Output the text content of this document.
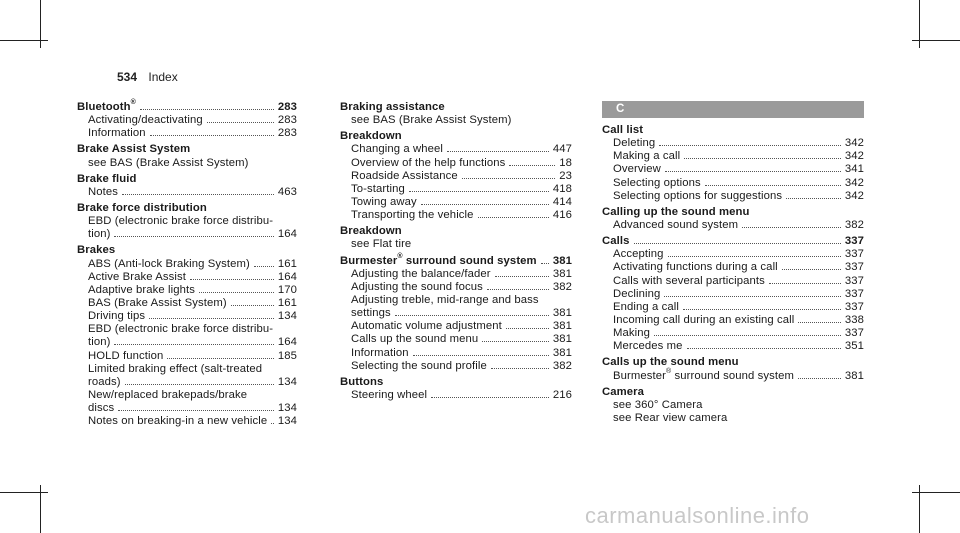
534 Index
Bluetooth®	283
Activating/deactivating	283
Information	283
Brake Assist System
see BAS (Brake Assist System)
Brake fluid
Notes	463
Brake force distribution
EBD (electronic brake force distribu-
tion)	164
Brakes
ABS (Anti-lock Braking System) 161
Active Brake Assist	164
Adaptive brake lights	170
BAS (Brake Assist System)	161
Driving tips	134
EBD (electronic brake force distribu-
tion)	164
HOLD function	185
Limited braking effect (salt-treated
roads)	134
New/replaced brakepads/brake
discs	134
Notes on breaking-in a new vehicle 134
Braking assistance
see BAS (Brake Assist System)
Breakdown
Changing a wheel	447
Overview of the help functions	18
Roadside Assistance	23
To-starting	418
Towing away	414
Transporting the vehicle	416
Breakdown
see Flat tire
Burmester® surround sound system 381
Adjusting the balance/fader	381
Adjusting the sound focus	382
Adjusting treble, mid-range and bass
settings	381
Automatic volume adjustment	381
Calls up the sound menu	381
Information	381
Selecting the sound profile	382
Buttons
Steering wheel	216
C
Call list
Deleting	342
Making a call	342
Overview	341
Selecting options	342
Selecting options for suggestions	342
Calling up the sound menu
Advanced sound system	382
Calls	337
Accepting	337
Activating functions during a call	337
Calls with several participants	337
Declining	337
Ending a call	337
Incoming call during an existing call	338
Making	337
Mercedes me	351
Calls up the sound menu
Burmester® surround sound system	381
Camera
see 360° Camera
see Rear view camera
carmanualsonline.info
